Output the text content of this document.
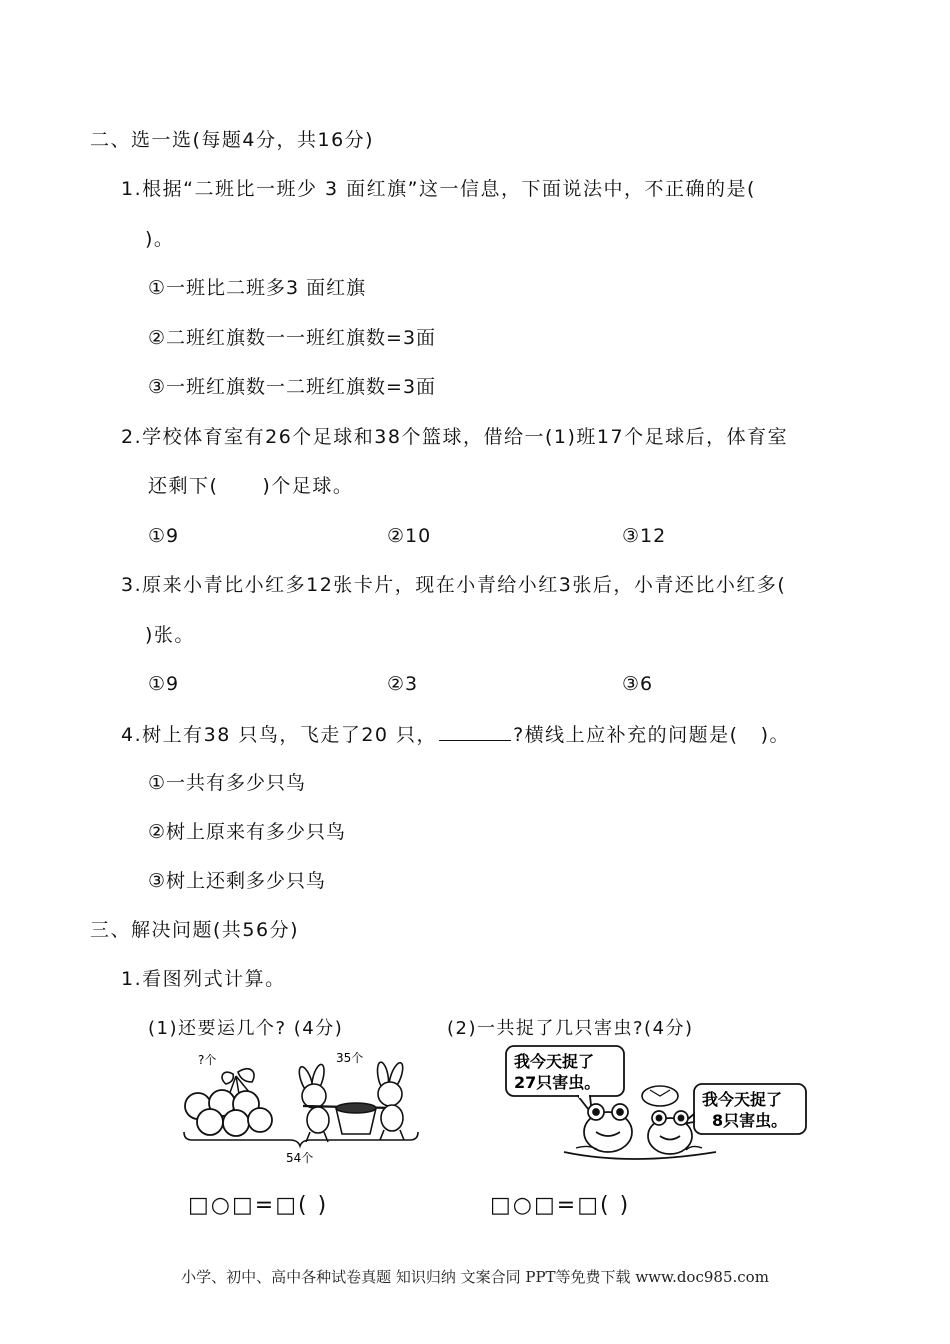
二、选一选(每题4分，共16分)
1.根据“二班比一班少 3 面红旗”这一信息，下面说法中，不正确的是(
)。
①一班比二班多3 面红旗
②二班红旗数一一班红旗数=3面
③一班红旗数一二班红旗数=3面
2.学校体育室有26个足球和38个篮球，借给一(1)班17个足球后，体育室
还剩下( )个足球。
①9	②10	③12
3.原来小青比小红多12张卡片，现在小青给小红3张后，小青还比小红多(
)张。
①9	②3	③6
4.树上有38 只鸟，飞走了20 只，	?横线上应补充的问题是( )。
①一共有多少只鸟
②树上原来有多少只鸟
③树上还剩多少只鸟
三、解决问题(共56分)
1.看图列式计算。
(1)还要运几个? (4分)	(2)一共捉了几只害虫?(4分)
?个	35个
54个
我今天捉了
27只害虫。
我今天捉了
8只害虫。
□○□=□( )	□○□=□( )
小学、初中、高中各种试卷真题 知识归纳 文案合同 PPT等免费下载 www.doc985.com
